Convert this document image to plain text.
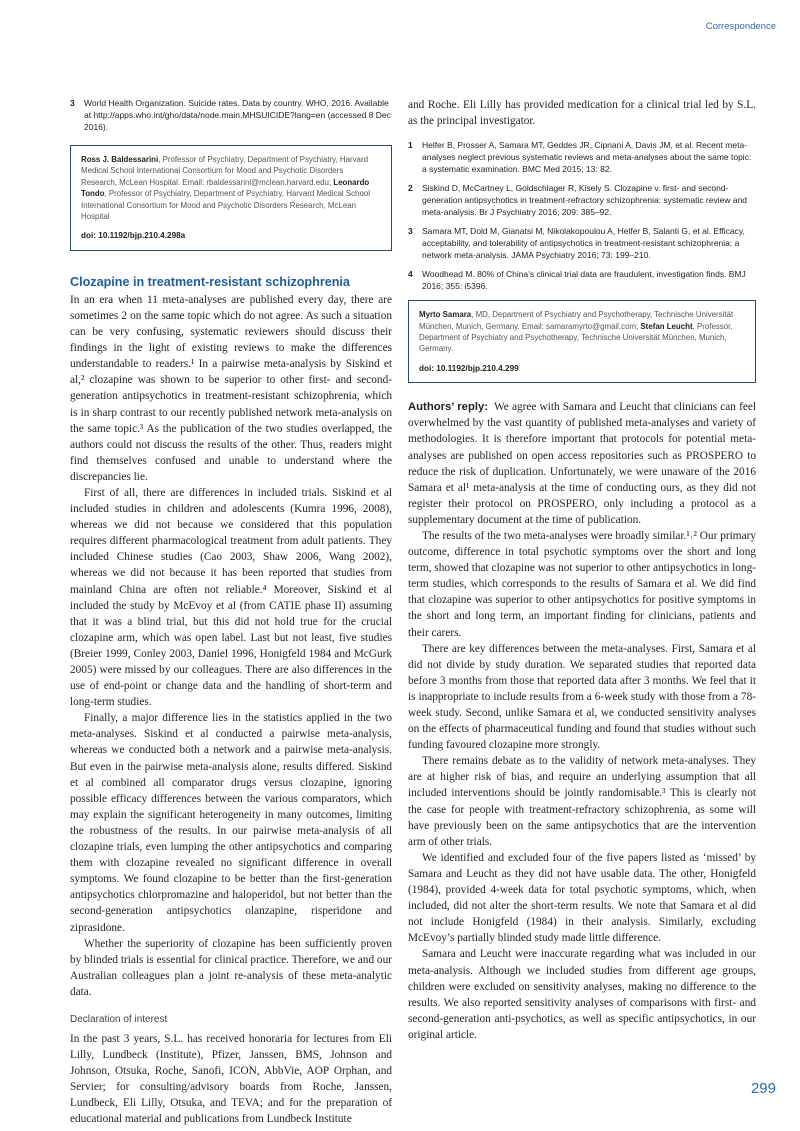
Correspondence
3	World Health Organization. Suicide rates. Data by country. WHO, 2016. Available at http://apps.who.int/gho/data/node.main.MHSUICIDE?lang=en (accessed 8 Dec 2016).
Ross J. Baldessarini, Professor of Psychiatry, Department of Psychiatry, Harvard Medical School International Consortium for Mood and Psychotic Disorders Research, McLean Hospital. Email: rbaldessarini@mclean.harvard.edu; Leonardo Tondo, Professor of Psychiatry, Department of Psychiatry, Harvard Medical School International Consortium for Mood and Psychotic Disorders Research, McLean Hospital
doi: 10.1192/bjp.210.4.298a
Clozapine in treatment-resistant schizophrenia

In an era when 11 meta-analyses are published every day, there are sometimes 2 on the same topic which do not agree. As such a situation can be very confusing, systematic reviewers should discuss their findings in the light of existing reviews to make the differences understandable to readers.¹ In a pairwise meta-analysis by Siskind et al,² clozapine was shown to be superior to other first- and second-generation antipsychotics in treatment-resistant schizophrenia, which is in sharp contrast to our recently published network meta-analysis on the same topic.³ As the publication of the two studies overlapped, the authors could not discuss the results of the other. Thus, readers might find themselves confused and unable to understand where the discrepancies lie.

First of all, there are differences in included trials. Siskind et al included studies in children and adolescents (Kumra 1996, 2008), whereas we did not because we considered that this population requires different pharmacological treatment from adult patients. They included Chinese studies (Cao 2003, Shaw 2006, Wang 2002), whereas we did not because it has been reported that studies from mainland China are often not reliable.⁴ Moreover, Siskind et al included the study by McEvoy et al (from CATIE phase II) assuming that it was a blind trial, but this did not hold true for the crucial clozapine arm, which was open label. Last but not least, five studies (Breier 1999, Conley 2003, Daniel 1996, Honigfeld 1984 and McGurk 2005) were missed by our colleagues. There are also differences in the use of end-point or change data and the handling of short-term and long-term studies.

Finally, a major difference lies in the statistics applied in the two meta-analyses. Siskind et al conducted a pairwise meta-analysis, whereas we conducted both a network and a pairwise meta-analysis. But even in the pairwise meta-analysis alone, results differed. Siskind et al combined all comparator drugs versus clozapine, ignoring possible efficacy differences between the various comparators, which may explain the significant heterogeneity in many outcomes, limiting the robustness of the results. In our pairwise meta-analysis of all clozapine trials, even lumping the other antipsychotics and comparing them with clozapine revealed no significant difference in overall symptoms. We found clozapine to be better than the first-generation antipsychotics chlorpromazine and haloperidol, but not better than the second-generation antipsychotics olanzapine, risperidone and ziprasidone.

Whether the superiority of clozapine has been sufficiently proven by blinded trials is essential for clinical practice. Therefore, we and our Australian colleagues plan a joint re-analysis of these meta-analytic data.

Declaration of interest

In the past 3 years, S.L. has received honoraria for lectures from Eli Lilly, Lundbeck (Institute), Pfizer, Janssen, BMS, Johnson and Johnson, Otsuka, Roche, Sanofi, ICON, AbbVie, AOP Orphan, and Servier; for consulting/advisory boards from Roche, Janssen, Lundbeck, Eli Lilly, Otsuka, and TEVA; and for the preparation of educational material and publications from Lundbeck Institute

and Roche. Eli Lilly has provided medication for a clinical trial led by S.L. as the principal investigator.

1	Helfer B, Prosser A, Samara MT, Geddes JR, Cipriani A, Davis JM, et al. Recent meta-analyses neglect previous systematic reviews and meta-analyses about the same topic: a systematic examination. BMC Med 2015; 13: 82.
2	Siskind D, McCartney L, Goldschlager R, Kisely S. Clozapine v. first- and second-generation antipsychotics in treatment-refractory schizophrenia: systematic review and meta-analysis. Br J Psychiatry 2016; 209: 385–92.
3	Samara MT, Dold M, Gianatsi M, Nikolakopoulou A, Helfer B, Salanti G, et al. Efficacy, acceptability, and tolerability of antipsychotics in treatment-resistant schizophrenia: a network meta-analysis. JAMA Psychiatry 2016; 73: 199–210.
4	Woodhead M. 80% of China’s clinical trial data are fraudulent, investigation finds. BMJ 2016; 355: i5396.
Myrto Samara, MD, Department of Psychiatry and Psychotherapy, Technische Universität München, Munich, Germany. Email: samaramyrto@gmail.com; Stefan Leucht, Professor, Department of Psychiatry and Psychotherapy, Technische Universität München, Munich, Germany.
doi: 10.1192/bjp.210.4.299

Authors’ reply: We agree with Samara and Leucht that clinicians can feel overwhelmed by the vast quantity of published meta-analyses and variety of methodologies. It is therefore important that protocols for potential meta-analyses are published on open access repositories such as PROSPERO to reduce the risk of duplication. Unfortunately, we were unaware of the 2016 Samara et al¹ meta-analysis at the time of conducting ours, as they did not register their protocol on PROSPERO, only including a protocol as a supplementary document at the time of publication.

The results of the two meta-analyses were broadly similar.¹˒² Our primary outcome, difference in total psychotic symptoms over the short and long term, showed that clozapine was not superior to other antipsychotics in long-term studies, which corresponds to the results of Samara et al. We did find that clozapine was superior to other antipsychotics for positive symptoms in the short and long term, an important finding for clinicians, patients and their carers.

There are key differences between the meta-analyses. First, Samara et al did not divide by study duration. We separated studies that reported data before 3 months from those that reported data after 3 months. We feel that it is inappropriate to include results from a 6-week study with those from a 78-week study. Second, unlike Samara et al, we conducted sensitivity analyses on the effects of pharmaceutical funding and found that studies without such funding favoured clozapine more strongly.

There remains debate as to the validity of network meta-analyses. They are at higher risk of bias, and require an underlying assumption that all included interventions should be jointly randomisable.³ This is clearly not the case for people with treatment-refractory schizophrenia, as some will have previously been on the same antipsychotics that are the intervention arm of other trials.

We identified and excluded four of the five papers listed as ‘missed’ by Samara and Leucht as they did not have usable data. The other, Honigfeld (1984), provided 4-week data for total psychotic symptoms, which, when included, did not alter the short-term results. We note that Samara et al did not include Honigfeld (1984) in their analysis. Similarly, excluding McEvoy’s partially blinded study made little difference.

Samara and Leucht were inaccurate regarding what was included in our meta-analysis. Although we included studies from different age groups, children were excluded on sensitivity analyses, making no difference to the results. We also reported sensitivity analyses of comparisons with first- and second-generation anti-psychotics, as well as specific antipsychotics, in our original article.

299
